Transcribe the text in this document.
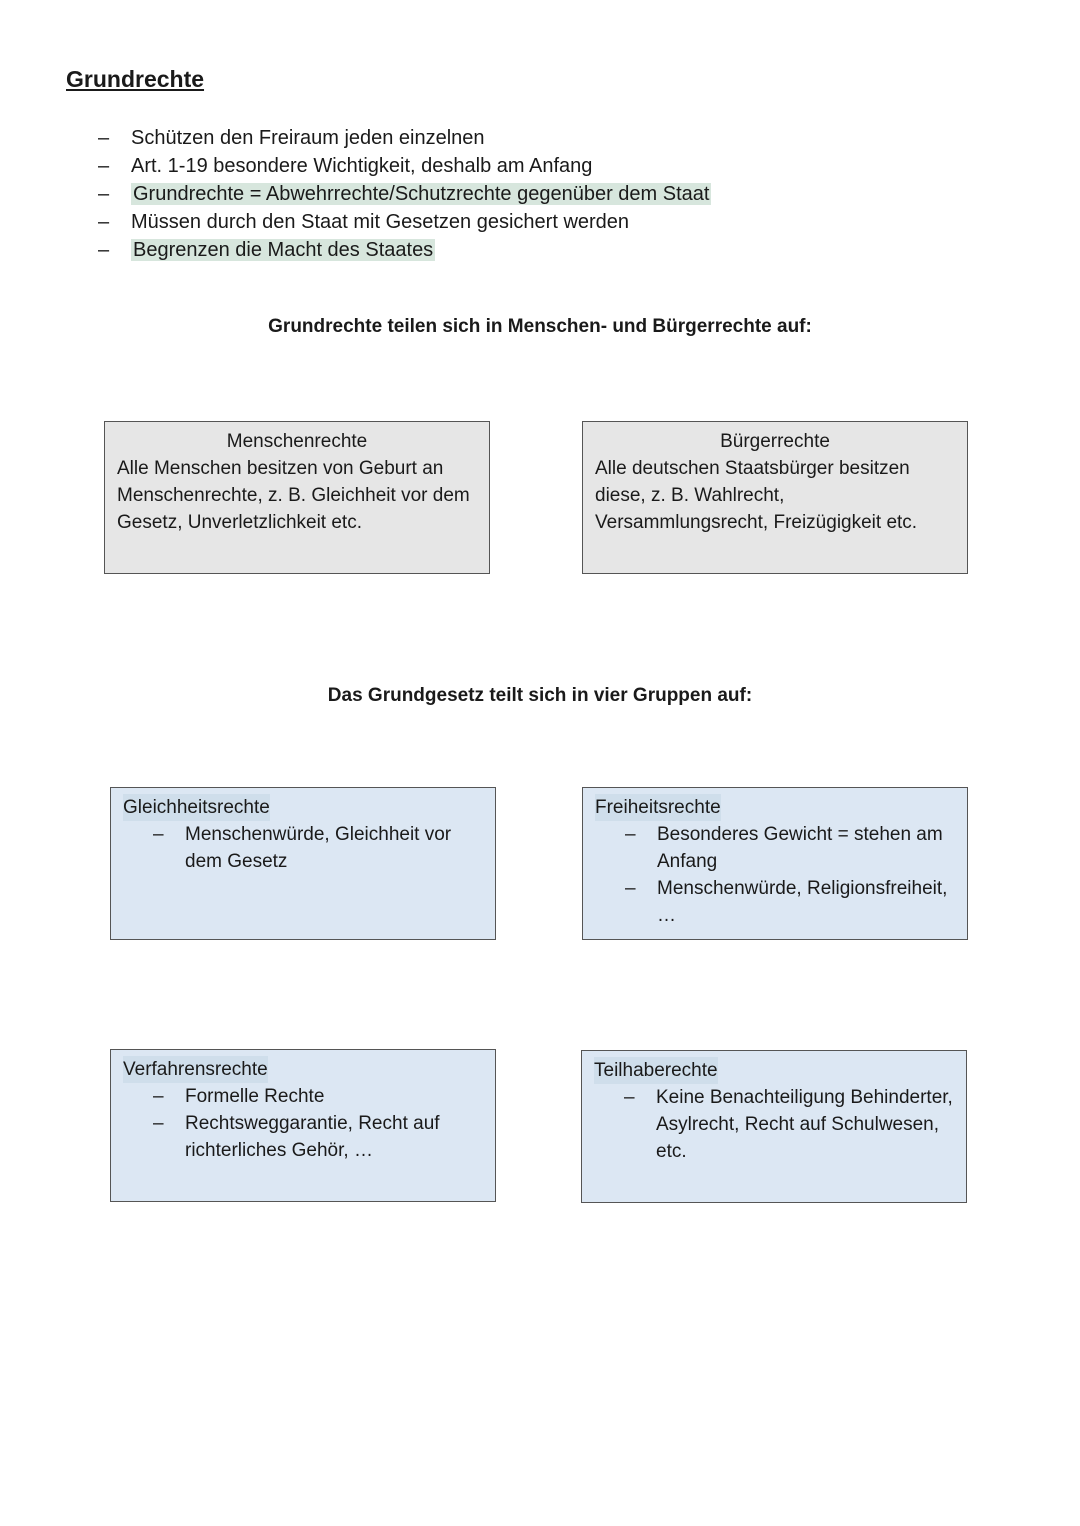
Grundrechte
– Schützen den Freiraum jeden einzelnen
– Art. 1-19 besondere Wichtigkeit, deshalb am Anfang
– Grundrechte = Abwehrrechte/Schutzrechte gegenüber dem Staat
– Müssen durch den Staat mit Gesetzen gesichert werden
– Begrenzen die Macht des Staates
Grundrechte teilen sich in Menschen- und Bürgerrechte auf:
Menschenrechte
Alle Menschen besitzen von Geburt an Menschenrechte, z. B. Gleichheit vor dem Gesetz, Unverletzlichkeit etc.
Bürgerrechte
Alle deutschen Staatsbürger besitzen diese, z. B. Wahlrecht, Versammlungsrecht, Freizügigkeit etc.
Das Grundgesetz teilt sich in vier Gruppen auf:
Gleichheitsrechte
– Menschenwürde, Gleichheit vor dem Gesetz
Freiheitsrechte
– Besonderes Gewicht = stehen am Anfang
– Menschenwürde, Religionsfreiheit, …
Verfahrensrechte
– Formelle Rechte
– Rechtsweggarantie, Recht auf richterliches Gehör, …
Teilhaberechte
– Keine Benachteiligung Behinderter, Asylrecht, Recht auf Schulwesen, etc.
